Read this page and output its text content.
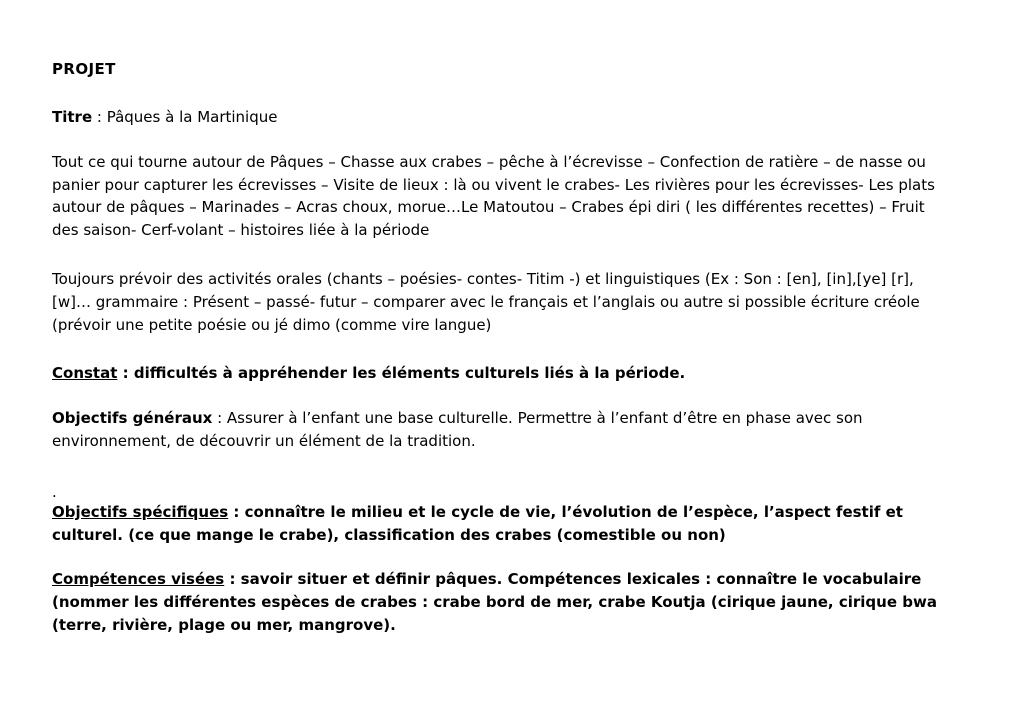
PROJET
Titre : Pâques à la Martinique
Tout ce qui tourne autour de Pâques – Chasse aux crabes – pêche à l’écrevisse – Confection de ratière – de nasse ou panier pour capturer les écrevisses – Visite de lieux : là ou vivent le crabes- Les rivières pour les écrevisses- Les plats autour de pâques – Marinades – Acras choux, morue…Le Matoutou – Crabes épi diri ( les différentes recettes) – Fruit des saison- Cerf-volant – histoires liée à la période
Toujours prévoir des activités orales (chants – poésies- contes- Titim -) et linguistiques (Ex : Son : [en], [in],[ye] [r], [w]… grammaire : Présent – passé- futur – comparer avec le français et l’anglais ou autre si possible écriture créole (prévoir une petite poésie ou jé dimo (comme vire langue)
Constat : difficultés à appréhender les éléments culturels liés à la période.
Objectifs généraux : Assurer à l’enfant une base culturelle. Permettre à l’enfant d’être en phase avec son environnement, de découvrir un élément de la tradition.
.
Objectifs spécifiques : connaître le milieu et le cycle de vie, l’évolution de l’espèce, l’aspect festif et culturel. (ce que mange le crabe), classification des crabes (comestible ou non)
Compétences visées : savoir situer et définir pâques. Compétences lexicales : connaître le vocabulaire (nommer les différentes espèces de crabes : crabe bord de mer, crabe Koutja (cirique jaune, cirique bwa (terre, rivière, plage ou mer, mangrove).
